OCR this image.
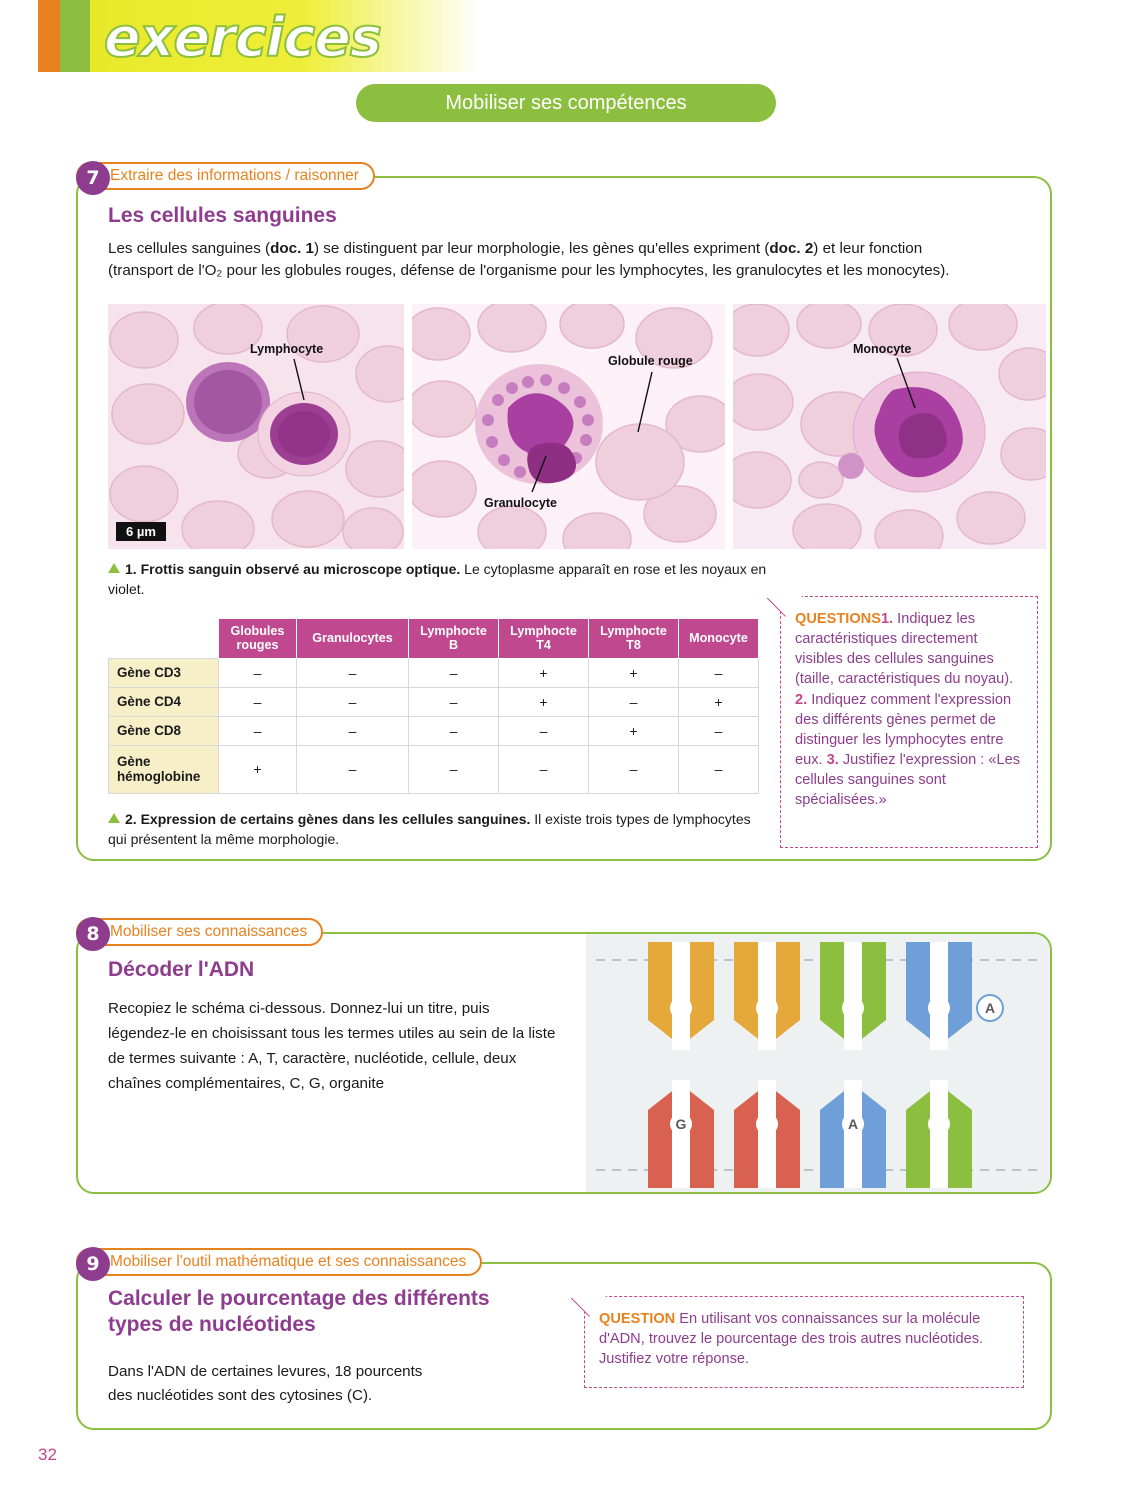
exercices
Mobiliser ses compétences
Les cellules sanguines
Les cellules sanguines (doc. 1) se distinguent par leur morphologie, les gènes qu'elles expriment (doc. 2) et leur fonction
(transport de l'O₂ pour les globules rouges, défense de l'organisme pour les lymphocytes, les granulocytes et les monocytes).
Lymphocyte
6 µm
Globule rouge
Granulocyte
Monocyte
1. Frottis sanguin observé au microscope optique. Le cytoplasme apparaît en rose et les noyaux en violet.
	Globules rouges	Granulocytes	Lymphocte B	Lymphocte T4	Lymphocte T8	Monocyte
Gène CD3	–	–	–	+	+	–
Gène CD4	–	–	–	+	–	+
Gène CD8	–	–	–	–	+	–
Gène hémoglobine	+	–	–	–	–	–
2. Expression de certains gènes dans les cellules sanguines. Il existe trois types de lymphocytes qui présentent la même morphologie.
QUESTIONS1. Indiquez les caractéristiques directement visibles des cellules sanguines (taille, caractéristiques du noyau). 2. Indiquez comment l'expression des différents gènes permet de distinguer les lymphocytes entre eux. 3. Justifiez l'expression : «Les cellules sanguines sont spécialisées.»
7 Extraire des informations / raisonner
Décoder l'ADN
Recopiez le schéma ci-dessous. Donnez-lui un titre, puis légendez-le en choisissant tous les termes utiles au sein de la liste de termes suivante : A, T, caractère, nucléotide, cellule, deux chaînes complémentaires, C, G, organite
A
G	A
8 Mobiliser ses connaissances
Calculer le pourcentage des différents
types de nucléotides
Dans l'ADN de certaines levures, 18 pourcents
des nucléotides sont des cytosines (C).
QUESTION En utilisant vos connaissances sur la molécule d'ADN, trouvez le pourcentage des trois autres nucléotides. Justifiez votre réponse.
9 Mobiliser l'outil mathématique et ses connaissances
32
